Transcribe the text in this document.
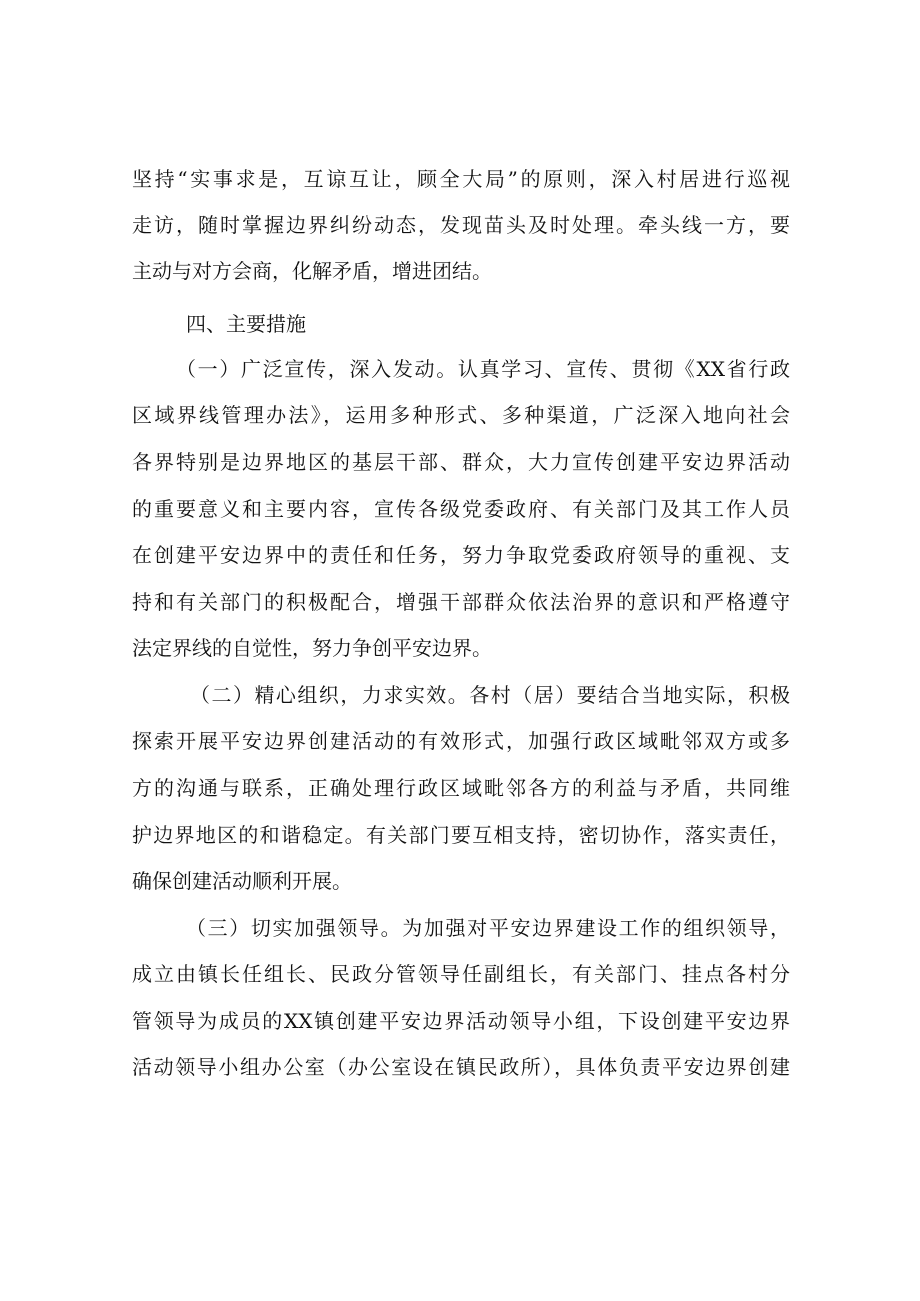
坚持“实事求是，互谅互让，顾全大局”的原则，深入村居进行巡视
走访，随时掌握边界纠纷动态，发现苗头及时处理。牵头线一方，要
主动与对方会商，化解矛盾，增进团结。
四、主要措施
（一）广泛宣传，深入发动。认真学习、宣传、贯彻《XX省行政
区域界线管理办法》，运用多种形式、多种渠道，广泛深入地向社会
各界特别是边界地区的基层干部、群众，大力宣传创建平安边界活动
的重要意义和主要内容，宣传各级党委政府、有关部门及其工作人员
在创建平安边界中的责任和任务，努力争取党委政府领导的重视、支
持和有关部门的积极配合，增强干部群众依法治界的意识和严格遵守
法定界线的自觉性，努力争创平安边界。
（二）精心组织，力求实效。各村（居）要结合当地实际，积极
探索开展平安边界创建活动的有效形式，加强行政区域毗邻双方或多
方的沟通与联系，正确处理行政区域毗邻各方的利益与矛盾，共同维
护边界地区的和谐稳定。有关部门要互相支持，密切协作，落实责任，
确保创建活动顺利开展。
（三）切实加强领导。为加强对平安边界建设工作的组织领导，
成立由镇长任组长、民政分管领导任副组长，有关部门、挂点各村分
管领导为成员的XX镇创建平安边界活动领导小组，下设创建平安边界
活动领导小组办公室（办公室设在镇民政所），具体负责平安边界创建
